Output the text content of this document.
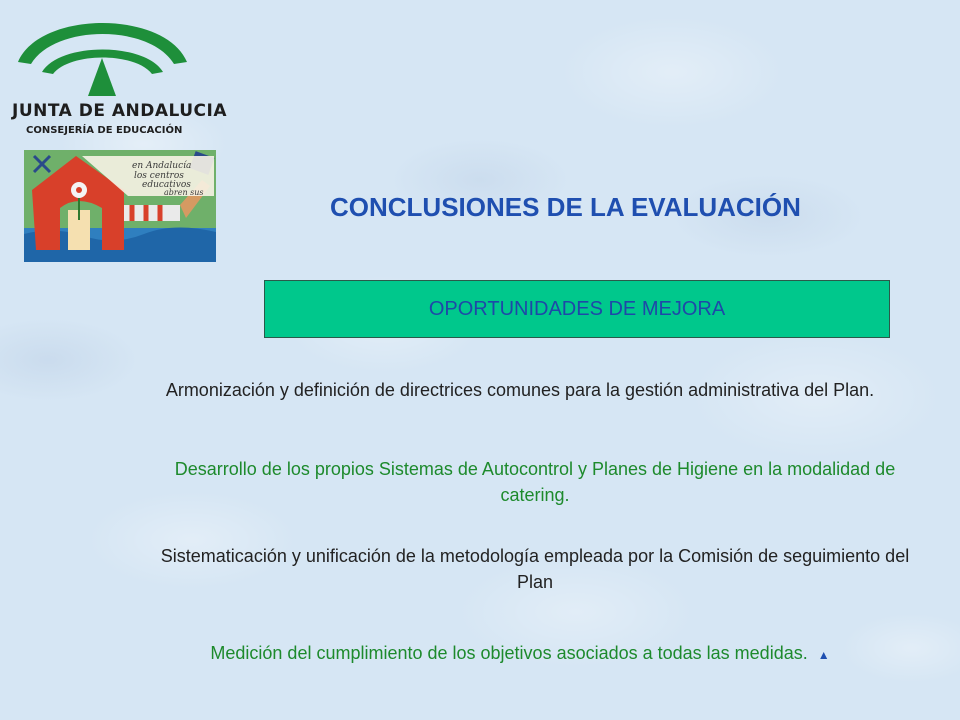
JUNTA DE ANDALUCIA
CONSEJERÍA DE EDUCACIÓN
en Andalucía
los centros
educativos
abren sus	CONCLUSIONES DE LA EVALUACIÓN
OPORTUNIDADES DE MEJORA
Armonización y definición de directrices comunes para la gestión administrativa del Plan.
Desarrollo de los propios Sistemas de Autocontrol y Planes de Higiene en la modalidad de catering.
Sistematicación y unificación de la metodología empleada por la Comisión de seguimiento del Plan
Medición del cumplimiento de los objetivos asociados a todas las medidas. ▲
